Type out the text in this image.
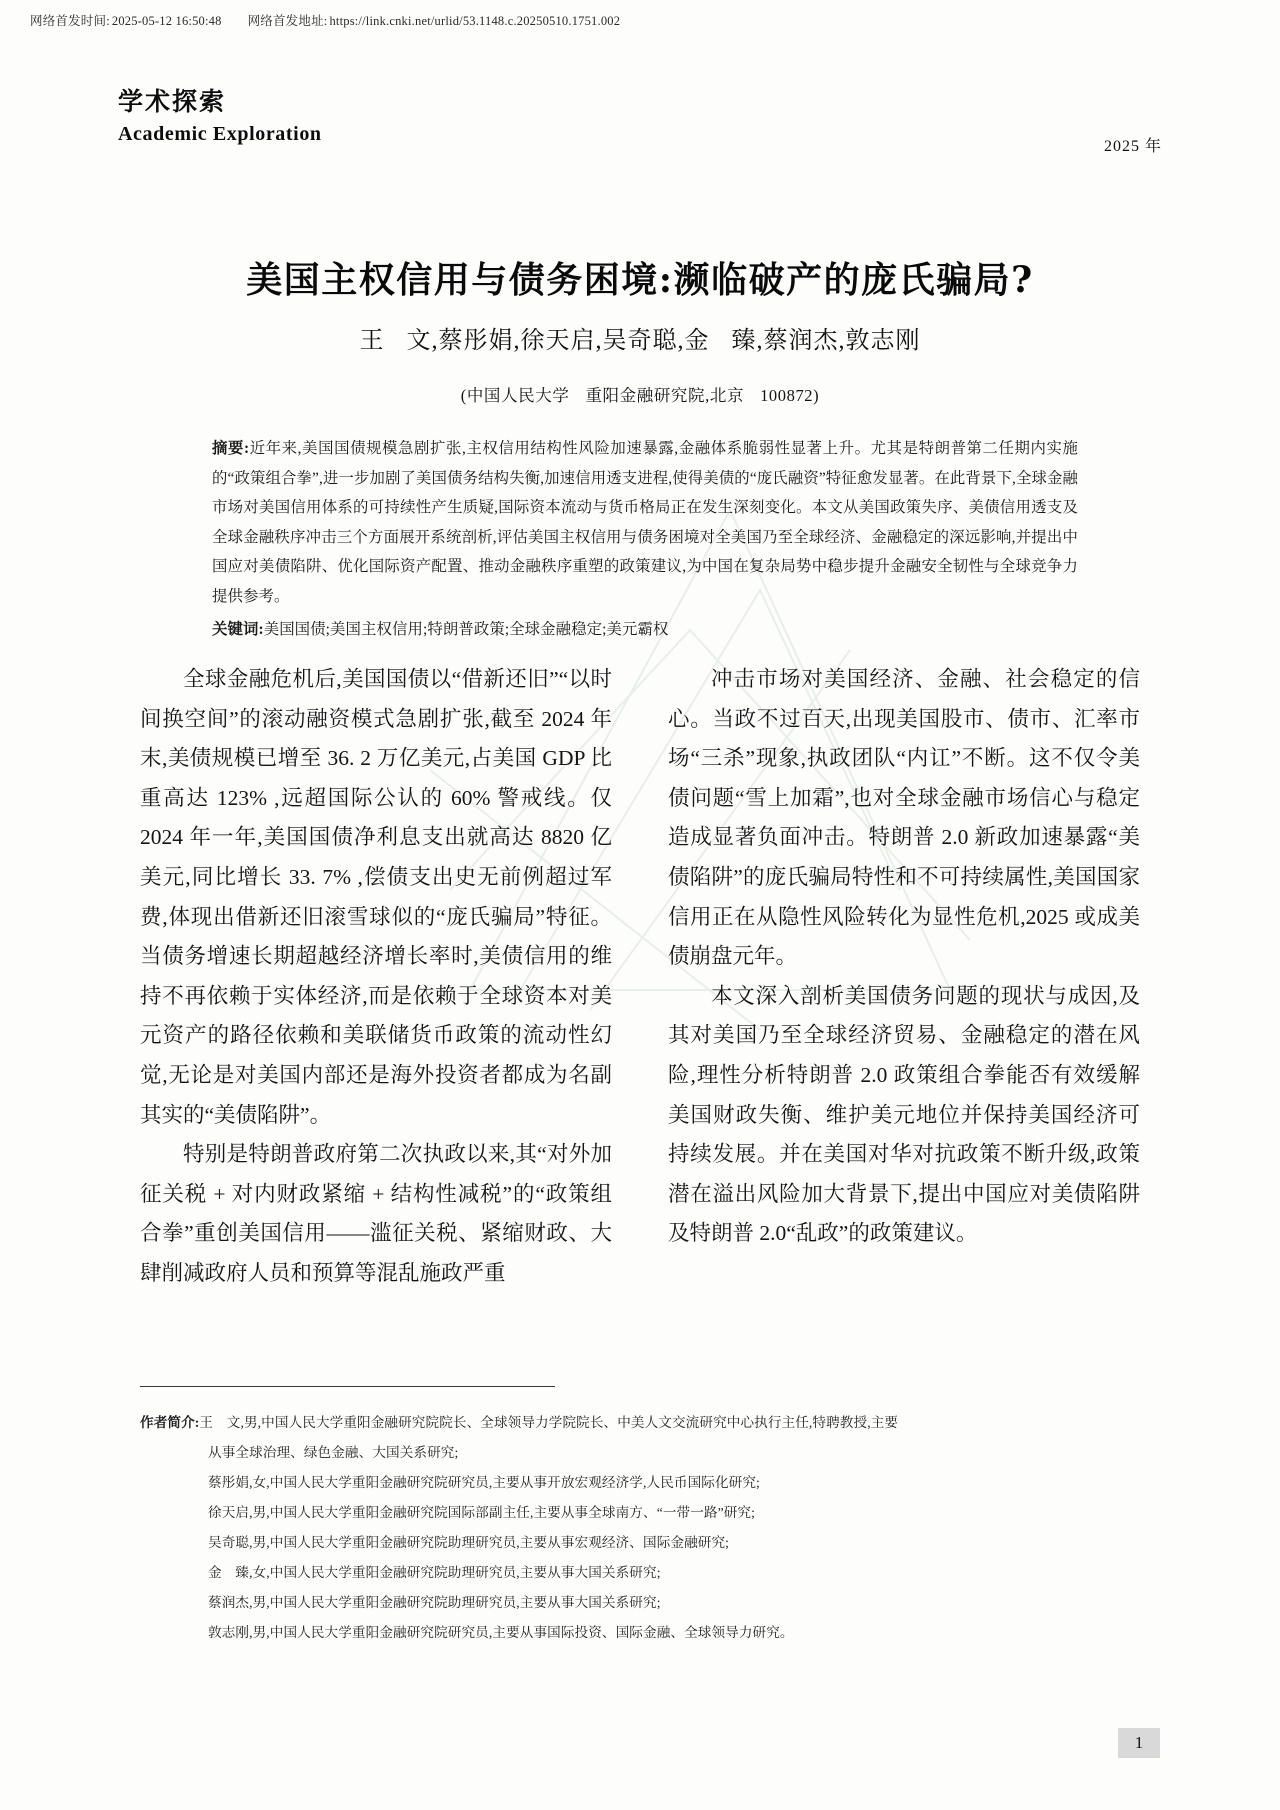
网络首发时间: 2025-05-12 16:50:48 网络首发地址: https://link.cnki.net/urlid/53.1148.c.20250510.1751.002
学术探索
Academic Exploration
2025 年
美国主权信用与债务困境:濒临破产的庞氏骗局?
王 文,蔡彤娟,徐天启,吴奇聪,金 臻,蔡润杰,敦志刚
(中国人民大学 重阳金融研究院,北京 100872)

摘要:近年来,美国国债规模急剧扩张,主权信用结构性风险加速暴露,金融体系脆弱性显著上升。尤其是特朗普第二任期内实施的“政策组合拳”,进一步加剧了美国债务结构失衡,加速信用透支进程,使得美债的“庞氏融资”特征愈发显著。在此背景下,全球金融市场对美国信用体系的可持续性产生质疑,国际资本流动与货币格局正在发生深刻变化。本文从美国政策失序、美债信用透支及全球金融秩序冲击三个方面展开系统剖析,评估美国主权信用与债务困境对全美国乃至全球经济、金融稳定的深远影响,并提出中国应对美债陷阱、优化国际资产配置、推动金融秩序重塑的政策建议,为中国在复杂局势中稳步提升金融安全韧性与全球竞争力提供参考。

关键词:美国国债;美国主权信用;特朗普政策;全球金融稳定;美元霸权

全球金融危机后,美国国债以“借新还旧”“以时间换空间”的滚动融资模式急剧扩张,截至 2024 年末,美债规模已增至 36. 2 万亿美元,占美国 GDP 比重高达 123% ,远超国际公认的 60% 警戒线。仅 2024 年一年,美国国债净利息支出就高达 8820 亿美元,同比增长 33. 7% ,偿债支出史无前例超过军费,体现出借新还旧滚雪球似的“庞氏骗局”特征。当债务增速长期超越经济增长率时,美债信用的维持不再依赖于实体经济,而是依赖于全球资本对美元资产的路径依赖和美联储货币政策的流动性幻觉,无论是对美国内部还是海外投资者都成为名副其实的“美债陷阱”。

特别是特朗普政府第二次执政以来,其“对外加征关税 + 对内财政紧缩 + 结构性减税”的“政策组合拳”重创美国信用——滥征关税、紧缩财政、大肆削减政府人员和预算等混乱施政严重

冲击市场对美国经济、金融、社会稳定的信心。当政不过百天,出现美国股市、债市、汇率市场“三杀”现象,执政团队“内讧”不断。这不仅令美债问题“雪上加霜”,也对全球金融市场信心与稳定造成显著负面冲击。特朗普 2.0 新政加速暴露“美债陷阱”的庞氏骗局特性和不可持续属性,美国国家信用正在从隐性风险转化为显性危机,2025 或成美债崩盘元年。

本文深入剖析美国债务问题的现状与成因,及其对美国乃至全球经济贸易、金融稳定的潜在风险,理性分析特朗普 2.0 政策组合拳能否有效缓解美国财政失衡、维护美元地位并保持美国经济可持续发展。并在美国对华对抗政策不断升级,政策潜在溢出风险加大背景下,提出中国应对美债陷阱及特朗普 2.0“乱政”的政策建议。

作者简介: 王　文,男,中国人民大学重阳金融研究院院长、全球领导力学院院长、中美人文交流研究中心执行主任,特聘教授,主要
从事全球治理、绿色金融、大国关系研究;
蔡彤娟,女,中国人民大学重阳金融研究院研究员,主要从事开放宏观经济学,人民币国际化研究;
徐天启,男,中国人民大学重阳金融研究院国际部副主任,主要从事全球南方、“一带一路”研究;
吴奇聪,男,中国人民大学重阳金融研究院助理研究员,主要从事宏观经济、国际金融研究;
金　臻,女,中国人民大学重阳金融研究院助理研究员,主要从事大国关系研究;
蔡润杰,男,中国人民大学重阳金融研究院助理研究员,主要从事大国关系研究;
敦志刚,男,中国人民大学重阳金融研究院研究员,主要从事国际投资、国际金融、全球领导力研究。
1
